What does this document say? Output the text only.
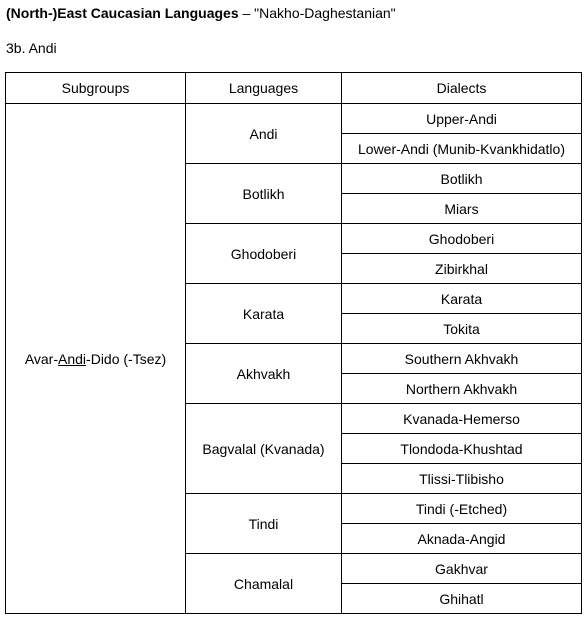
(North-)East Caucasian Languages – "Nakho-Daghestanian"
3b. Andi
Subgroups	Languages	Dialects
Avar-Andi-Dido (-Tsez)	Andi	Upper-Andi
		Lower-Andi (Munib-Kvankhidatlo)
	Botlikh	Botlikh
		Miars
	Ghodoberi	Ghodoberi
		Zibirkhal
	Karata	Karata
		Tokita
	Akhvakh	Southern Akhvakh
		Northern Akhvakh
	Bagvalal (Kvanada)	Kvanada-Hemerso
		Tlondoda-Khushtad
		Tlissi-Tlibisho
	Tindi	Tindi (-Etched)
		Aknada-Angid
	Chamalal	Gakhvar
		Ghihatl
